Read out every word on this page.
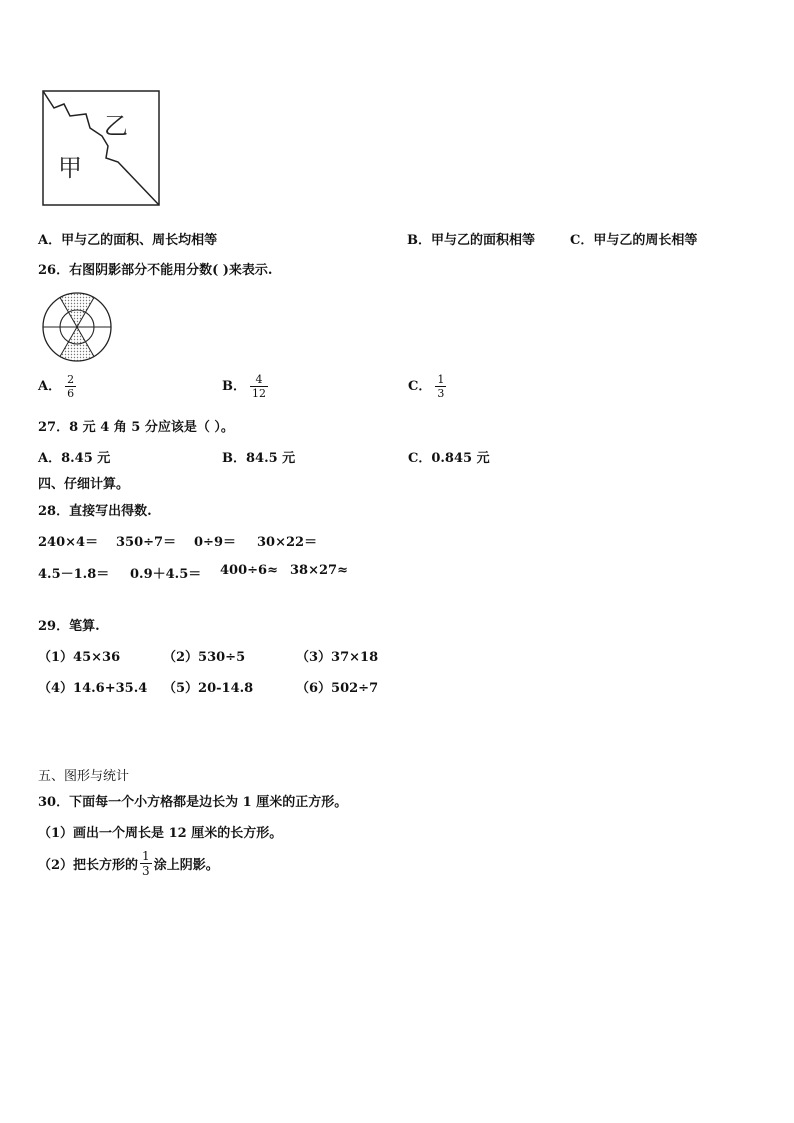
乙
甲
A．甲与乙的面积、周长均相等	B．甲与乙的面积相等	C．甲与乙的周长相等
26．右图阴影部分不能用分数( )来表示.
A． $\frac{2}{6}$	B． $\frac{4}{12}$	C． $\frac{1}{3}$
27．8 元 4 角 5 分应该是（ ）。
A．8.45 元	B．84.5 元	C．0.845 元
四、仔细计算。
28．直接写出得数.
240×4＝ 350÷7＝ 0÷9＝ 30×22＝
4.5－1.8＝ 0.9＋4.5＝ 400÷6≈ 38×27≈
29．笔算.
（1）45×36	（2）530÷5	（3）37×18
（4）14.6+35.4 （5）20-14.8	（6）502÷7
五、图形与统计
30．下面每一个小方格都是边长为 1 厘米的正方形。
（1）画出一个周长是 12 厘米的长方形。
（2）把长方形的 $\frac{1}{3}$ 涂上阴影。
